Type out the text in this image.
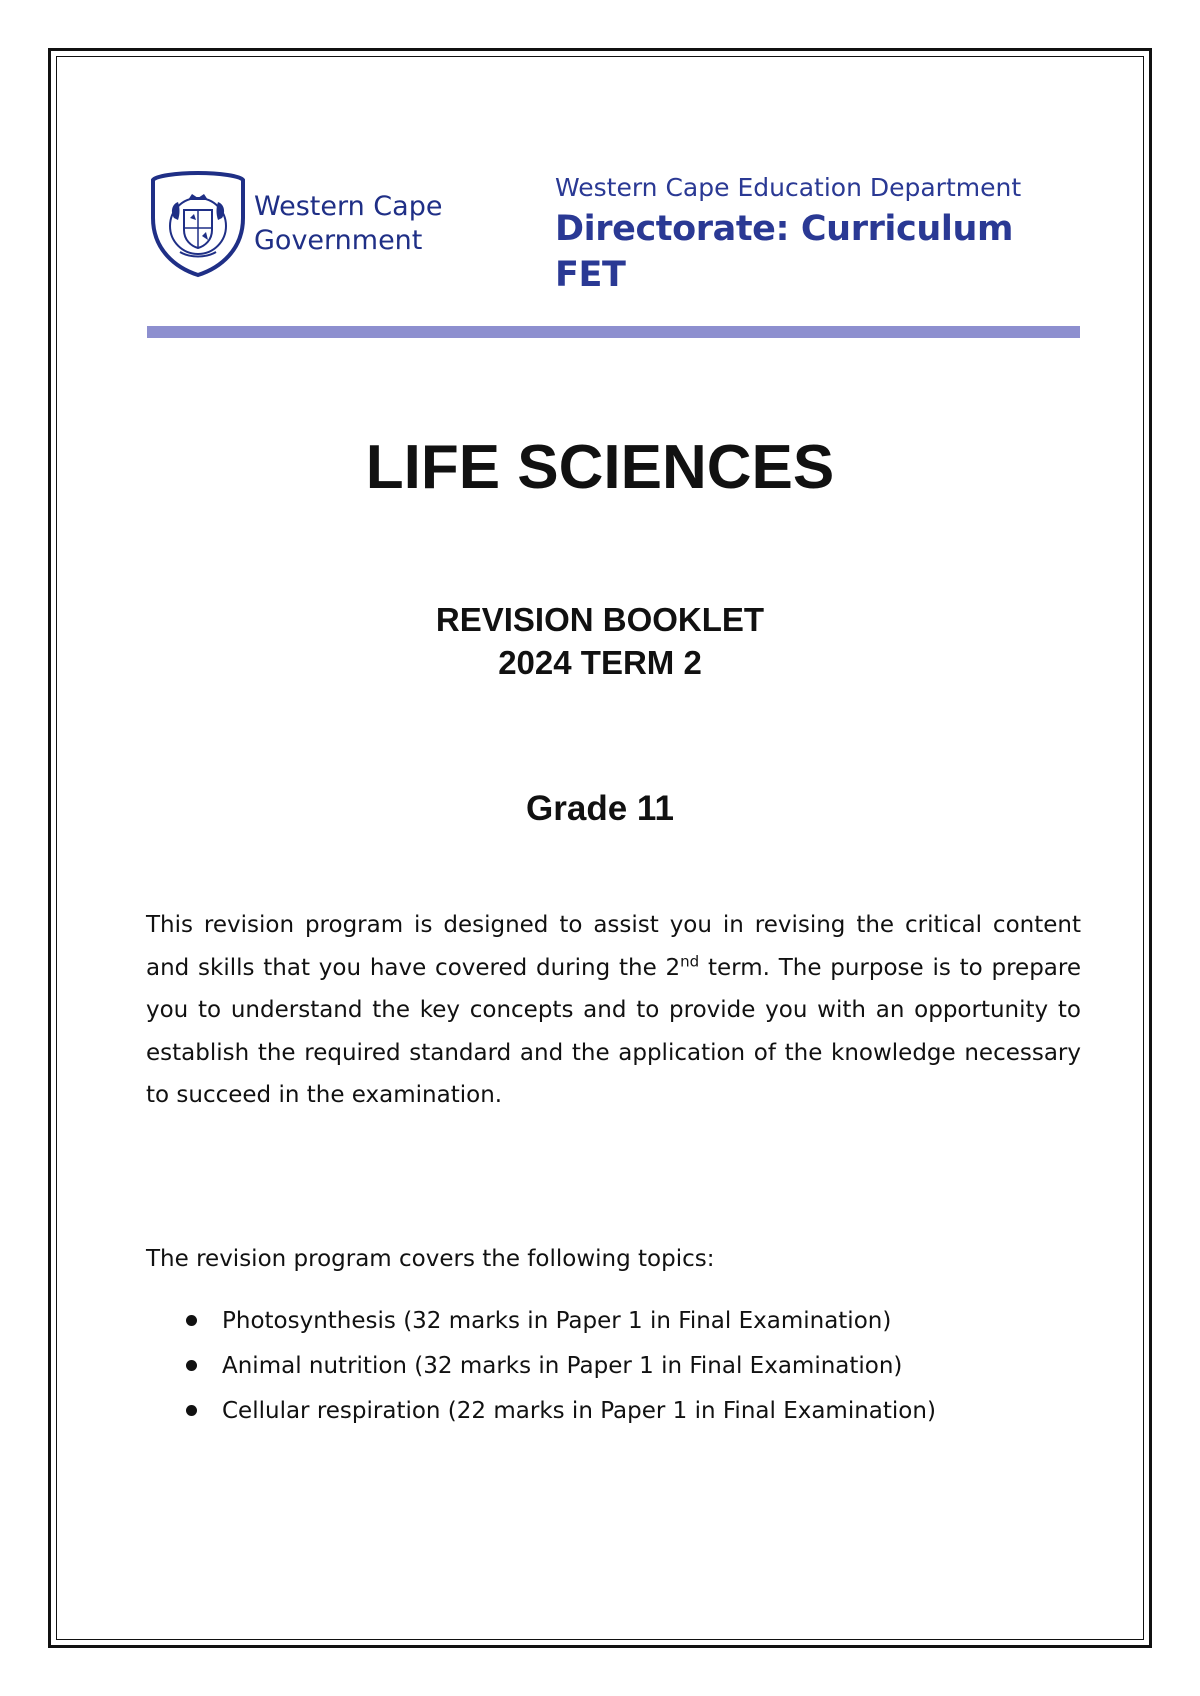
Western Cape
Government
Western Cape Education Department
Directorate: Curriculum FET
LIFE SCIENCES
REVISION BOOKLET
2024 TERM 2
Grade 11

This revision program is designed to assist you in revising the critical content and skills that you have covered during the 2nd term. The purpose is to prepare you to understand the key concepts and to provide you with an opportunity to establish the required standard and the application of the knowledge necessary to succeed in the examination.

The revision program covers the following topics:

Photosynthesis (32 marks in Paper 1 in Final Examination)
Animal nutrition (32 marks in Paper 1 in Final Examination)
Cellular respiration (22 marks in Paper 1 in Final Examination)
